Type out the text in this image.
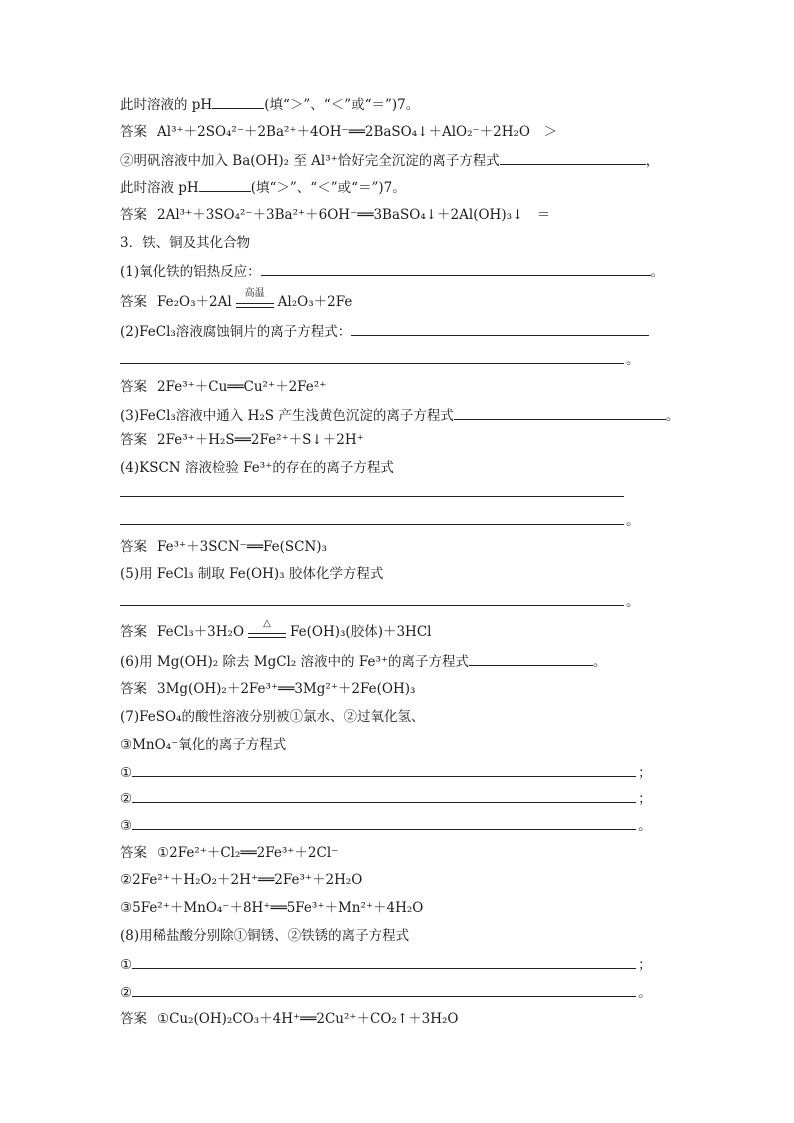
此时溶液的 pH	(填“＞”、“＜”或“＝”)7。
答案 Al³⁺＋2SO₄²⁻＋2Ba²⁺＋4OH⁻══2BaSO₄↓＋AlO₂⁻＋2H₂O　＞
②明矾溶液中加入 Ba(OH)₂ 至 Al³⁺恰好完全沉淀的离子方程式	，
此时溶液 pH	(填“＞”、“＜”或“＝”)7。
答案 2Al³⁺＋3SO₄²⁻＋3Ba²⁺＋6OH⁻══3BaSO₄↓＋2Al(OH)₃↓　＝
3．铁、铜及其化合物
(1)氧化铁的铝热反应：	。
答案 Fe₂O₃＋2Al
高温
Al₂O₃＋2Fe
(2)FeCl₃溶液腐蚀铜片的离子方程式：
。
答案 2Fe³⁺＋Cu══Cu²⁺＋2Fe²⁺
(3)FeCl₃溶液中通入 H₂S 产生浅黄色沉淀的离子方程式	。
答案 2Fe³⁺＋H₂S══2Fe²⁺＋S↓＋2H⁺
(4)KSCN 溶液检验 Fe³⁺的存在的离子方程式
。
答案 Fe³⁺＋3SCN⁻══Fe(SCN)₃
(5)用 FeCl₃ 制取 Fe(OH)₃ 胶体化学方程式
。
答案 FeCl₃＋3H₂O
△
Fe(OH)₃(胶体)＋3HCl
(6)用 Mg(OH)₂ 除去 MgCl₂ 溶液中的 Fe³⁺的离子方程式	。
答案 3Mg(OH)₂＋2Fe³⁺══3Mg²⁺＋2Fe(OH)₃
(7)FeSO₄的酸性溶液分别被①氯水、②过氧化氢、
③MnO₄⁻氧化的离子方程式
①	；
②	；
③	。
答案 ①2Fe²⁺＋Cl₂══2Fe³⁺＋2Cl⁻
②2Fe²⁺＋H₂O₂＋2H⁺══2Fe³⁺＋2H₂O
③5Fe²⁺＋MnO₄⁻＋8H⁺══5Fe³⁺＋Mn²⁺＋4H₂O
(8)用稀盐酸分别除①铜锈、②铁锈的离子方程式
①	；
②	。
答案 ①Cu₂(OH)₂CO₃＋4H⁺══2Cu²⁺＋CO₂↑＋3H₂O
